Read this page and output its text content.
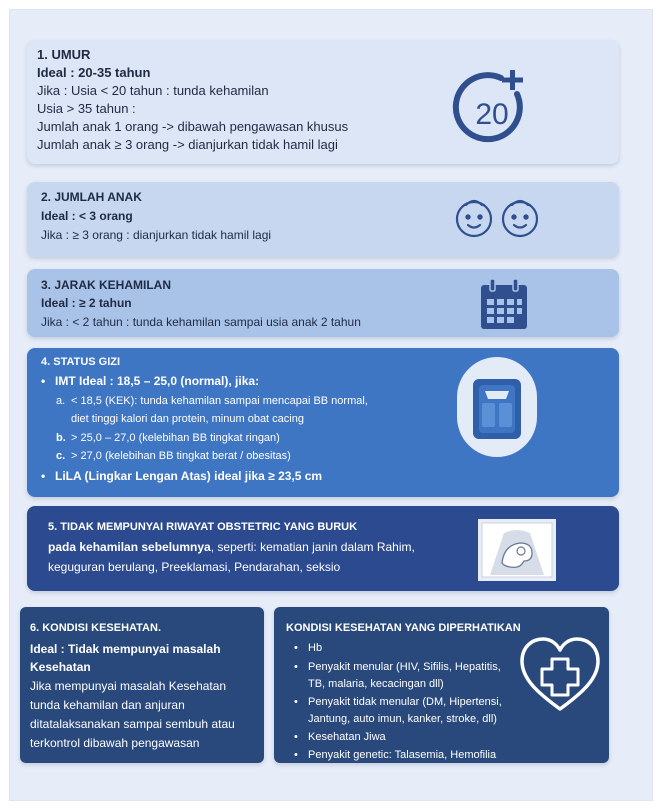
1. UMUR

Ideal : 20-35 tahun

Jika : Usia < 20 tahun : tunda kehamilan

Usia > 35 tahun :

Jumlah anak 1 orang -> dibawah pengawasan khusus

Jumlah anak ≥ 3 orang -> dianjurkan tidak hamil lagi

20

2. JUMLAH ANAK

Ideal : < 3 orang

Jika : ≥ 3 orang : dianjurkan tidak hamil lagi

3. JARAK KEHAMILAN

Ideal : ≥ 2 tahun

Jika : < 2 tahun : tunda kehamilan sampai usia anak 2 tahun

4. STATUS GIZI

• IMT Ideal : 18,5 – 25,0 (normal), jika:

a. < 18,5 (KEK): tunda kehamilan sampai mencapai BB normal,

diet tinggi kalori dan protein, minum obat cacing

b. > 25,0 – 27,0 (kelebihan BB tingkat ringan)

c. > 27,0 (kelebihan BB tingkat berat / obesitas)

• LiLA (Lingkar Lengan Atas) ideal jika ≥ 23,5 cm

5. TIDAK MEMPUNYAI RIWAYAT OBSTETRIC YANG BURUK

pada kehamilan sebelumnya, seperti: kematian janin dalam Rahim,

keguguran berulang, Preeklamasi, Pendarahan, seksio

6. KONDISI KESEHATAN.

Ideal : Tidak mempunyai masalah

Kesehatan

Jika mempunyai masalah Kesehatan

tunda kehamilan dan anjuran

ditatalaksanakan sampai sembuh atau

terkontrol dibawah pengawasan

KONDISI KESEHATAN YANG DIPERHATIKAN

• Hb

• Penyakit menular (HIV, Sifilis, Hepatitis,

TB, malaria, kecacingan dll)

• Penyakit tidak menular (DM, Hipertensi,

Jantung, auto imun, kanker, stroke, dll)

• Kesehatan Jiwa

• Penyakit genetic: Talasemia, Hemofilia
